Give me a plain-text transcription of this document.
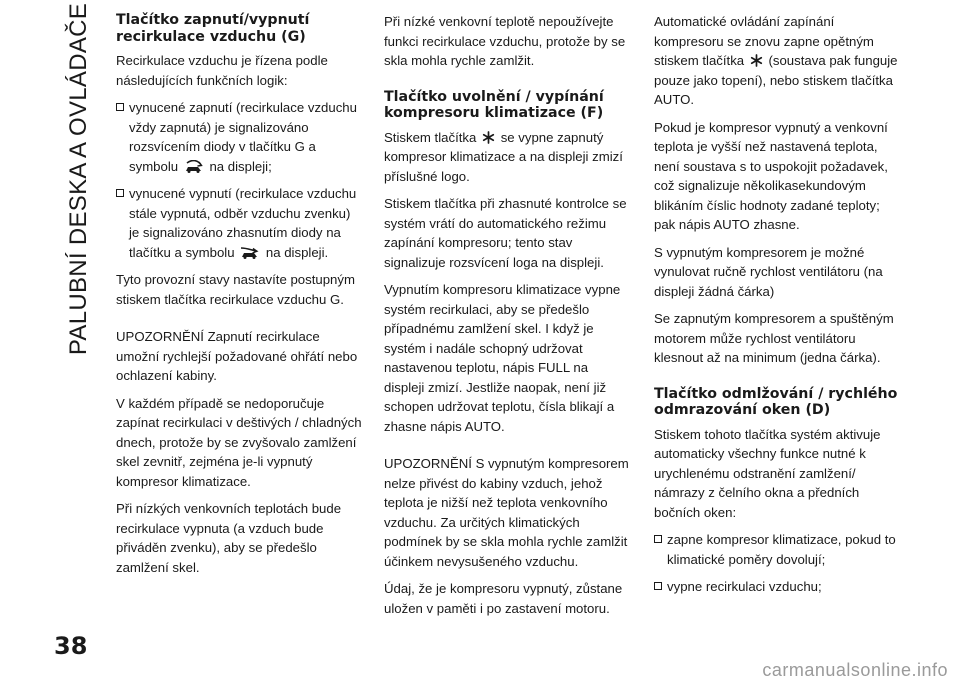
PALUBNÍ DESKA A OVLÁDAČE Tlačítko zapnutí/vypnutí recirkulace vzduchu (G)

Recirkulace vzduchu je řízena podle následujících funkčních logik:

vynucené zapnutí (recirkulace vzduchu vždy zapnutá) je signalizováno rozsvícením diody v tlačítku G a symbolu na displeji;
vynucené vypnutí (recirkulace vzduchu stále vypnutá, odběr vzduchu zvenku) je signalizováno zhasnutím diody na tlačítku a symbolu na displeji.

Tyto provozní stavy nastavíte postupným stiskem tlačítka recirkulace vzduchu G.

UPOZORNĚNÍ Zapnutí recirkulace umožní rychlejší požadované ohřátí nebo ochlazení kabiny.

V každém případě se nedoporučuje zapínat recirkulaci v deštivých / chladných dnech, protože by se zvyšovalo zamlžení skel zevnitř, zejména je-li vypnutý kompresor klimatizace.

Při nízkých venkovních teplotách bude recirkulace vypnuta (a vzduch bude přiváděn zvenku), aby se předešlo zamlžení skel.

Při nízké venkovní teplotě nepoužívejte funkci recirkulace vzduchu, protože by se skla mohla rychle zamlžit.

Tlačítko uvolnění / vypínání kompresoru klimatizace (F)

Stiskem tlačítka se vypne zapnutý kompresor klimatizace a na displeji zmizí příslušné logo.

Stiskem tlačítka při zhasnuté kontrolce se systém vrátí do automatického režimu zapínání kompresoru; tento stav signalizuje rozsvícení loga na displeji.

Vypnutím kompresoru klimatizace vypne systém recirkulaci, aby se předešlo případnému zamlžení skel. I když je systém i nadále schopný udržovat nastavenou teplotu, nápis FULL na displeji zmizí. Jestliže naopak, není již schopen udržovat teplotu, čísla blikají a zhasne nápis AUTO.

UPOZORNĚNÍ S vypnutým kompresorem nelze přivést do kabiny vzduch, jehož teplota je nižší než teplota venkovního vzduchu. Za určitých klimatických podmínek by se skla mohla rychle zamlžit účinkem nevysušeného vzduchu.

Údaj, že je kompresoru vypnutý, zůstane uložen v paměti i po zastavení motoru.

Automatické ovládání zapínání kompresoru se znovu zapne opětným stiskem tlačítka (soustava pak funguje pouze jako topení), nebo stiskem tlačítka AUTO.

Pokud je kompresor vypnutý a venkovní teplota je vyšší než nastavená teplota, není soustava s to uspokojit požadavek, což signalizuje několikasekundovým blikáním číslic hodnoty zadané teploty; pak nápis AUTO zhasne.

S vypnutým kompresorem je možné vynulovat ručně rychlost ventilátoru (na displeji žádná čárka)

Se zapnutým kompresorem a spuštěným motorem může rychlost ventilátoru klesnout až na minimum (jedna čárka).

Tlačítko odmlžování / rychlého odmrazování oken (D)

Stiskem tohoto tlačítka systém aktivuje automaticky všechny funkce nutné k urychlenému odstranění zamlžení/ námrazy z čelního okna a předních bočních oken:

zapne kompresor klimatizace, pokud to klimatické poměry dovolují;
vypne recirkulaci vzduchu;
38
carmanualsonline.info
